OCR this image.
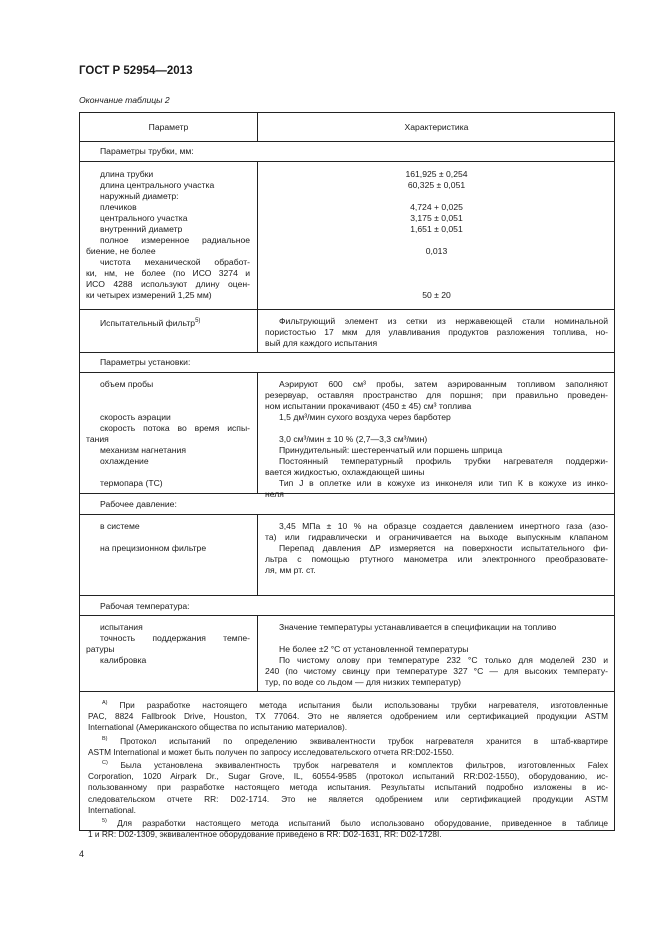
ГОСТ Р 52954—2013
Окончание таблицы 2
Параметр	Характеристика
Параметры трубки, мм:
длина трубки
длина центрального участка
наружный диаметр:
плечиков
центрального участка
внутренний диаметр
полное измеренное радиальное
биение, не более
чистота механической обработ-
ки, нм, не более (по ИСО 3274 и
ИСО 4288 используют длину оцен-
ки четырех измерений 1,25 мм)
161,925 ± 0,254
60,325 ± 0,051
4,724 + 0,025
3,175 ± 0,051
1,651 ± 0,051
0,013
50 ± 20
Испытательный фильтр$^{5)}$	Фильтрующий элемент из сетки из нержавеющей стали номинальной
пористостью 17 мкм для улавливания продуктов разложения топлива, но-
вый для каждого испытания
Параметры установки:
объем пробы
скорость аэрации
скорость потока во время испы-
тания
механизм нагнетания
охлаждение
термопара (ТС)
Аэрируют 600 см³ пробы, затем аэрированным топливом заполняют
резервуар, оставляя пространство для поршня; при правильно проведен-
ном испытании прокачивают (450 ± 45) см³ топлива
1,5 дм³/мин сухого воздуха через барботер
3,0 см³/мин ± 10 % (2,7—3,3 см³/мин)
Принудительный: шестеренчатый или поршень шприца
Постоянный температурный профиль трубки нагревателя поддержи-
вается жидкостью, охлаждающей шины
Тип J в оплетке или в кожухе из инконеля или тип К в кожухе из инко-
неля
Рабочее давление:
в системе
на прецизионном фильтре
3,45 МПа ± 10 % на образце создается давлением инертного газа (азо-
та) или гидравлически и ограничивается на выходе выпускным клапаном
Перепад давления ΔP измеряется на поверхности испытательного фи-
льтра с помощью ртутного манометра или электронного преобразовате-
ля, мм рт. ст.
Рабочая температура:
испытания
точность поддержания темпе-
ратуры
калибровка
Значение температуры устанавливается в спецификации на топливо
Не более ±2 °С от установленной температуры
По чистому олову при температуре 232 °С только для моделей 230 и
240 (по чистому свинцу при температуре 327 °С — для высоких температу-
тур, по воде со льдом — для низких температур)
$^{A)}$ При разработке настоящего метода испытания были использованы трубки нагревателя, изготовленные
PAC, 8824 Fallbrook Drive, Houston, TX 77064. Это не является одобрением или сертификацией продукции ASTM
International (Американского общества по испытанию материалов).
$^{B)}$ Протокол испытаний по определению эквивалентности трубок нагревателя хранится в штаб-квартире
ASTM International и может быть получен по запросу исследовательского отчета RR:D02-1550.
$^{C)}$ Была установлена эквивалентность трубок нагревателя и комплектов фильтров, изготовленных Falex
Corporation, 1020 Airpark Dr., Sugar Grove, IL, 60554-9585 (протокол испытаний RR:D02-1550), оборудованию, ис-
пользованному при разработке настоящего метода испытания. Результаты испытаний подробно изложены в ис-
следовательском отчете RR: D02-1714. Это не является одобрением или сертификацией продукции ASTM
International.
$^{5)}$ Для разработки настоящего метода испытаний было использовано оборудование, приведенное в таблице
1 и RR: D02-1309, эквивалентное оборудование приведено в RR: D02-1631, RR: D02-1728I.
4
